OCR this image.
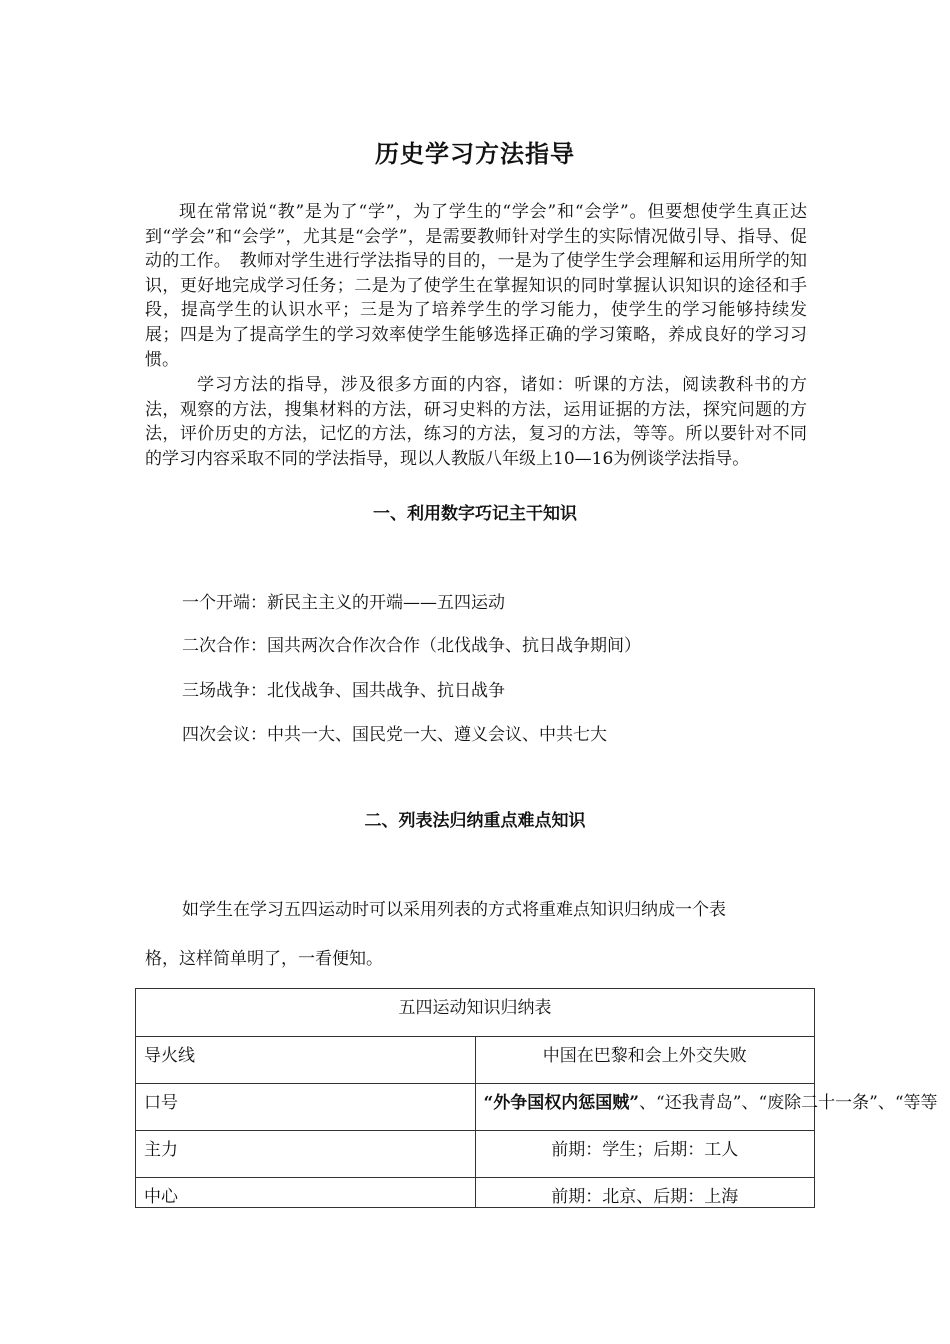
历史学习方法指导
现在常常说“教”是为了“学”，为了学生的“学会”和“会学”。但要想使学生真正达到“学会”和“会学”，尤其是“会学”，是需要教师针对学生的实际情况做引导、指导、促动的工作。　教师对学生进行学法指导的目的，一是为了使学生学会理解和运用所学的知识，更好地完成学习任务；二是为了使学生在掌握知识的同时掌握认识知识的途径和手段，提高学生的认识水平；三是为了培养学生的学习能力，使学生的学习能够持续发展；四是为了提高学生的学习效率使学生能够选择正确的学习策略，养成良好的学习习惯。
学习方法的指导，涉及很多方面的内容，诸如：听课的方法，阅读教科书的方法，观察的方法，搜集材料的方法，研习史料的方法，运用证据的方法，探究问题的方法，评价历史的方法，记忆的方法，练习的方法，复习的方法，等等。所以要针对不同的学习内容采取不同的学法指导，现以人教版八年级上10—16为例谈学法指导。
一、利用数字巧记主干知识
一个开端：新民主主义的开端——五四运动
二次合作：国共两次合作次合作（北伐战争、抗日战争期间）
三场战争：北伐战争、国共战争、抗日战争
四次会议：中共一大、国民党一大、遵义会议、中共七大
二、列表法归纳重点难点知识
如学生在学习五四运动时可以采用列表的方式将重难点知识归纳成一个表
格，这样简单明了，一看便知。
五四运动知识归纳表	
导火线	中国在巴黎和会上外交失败
口号	“外争国权内惩国贼”、“还我青岛”、“废除二十一条”、“等等
主力	前期：学生；后期：工人
中心	前期：北京、后期：上海
